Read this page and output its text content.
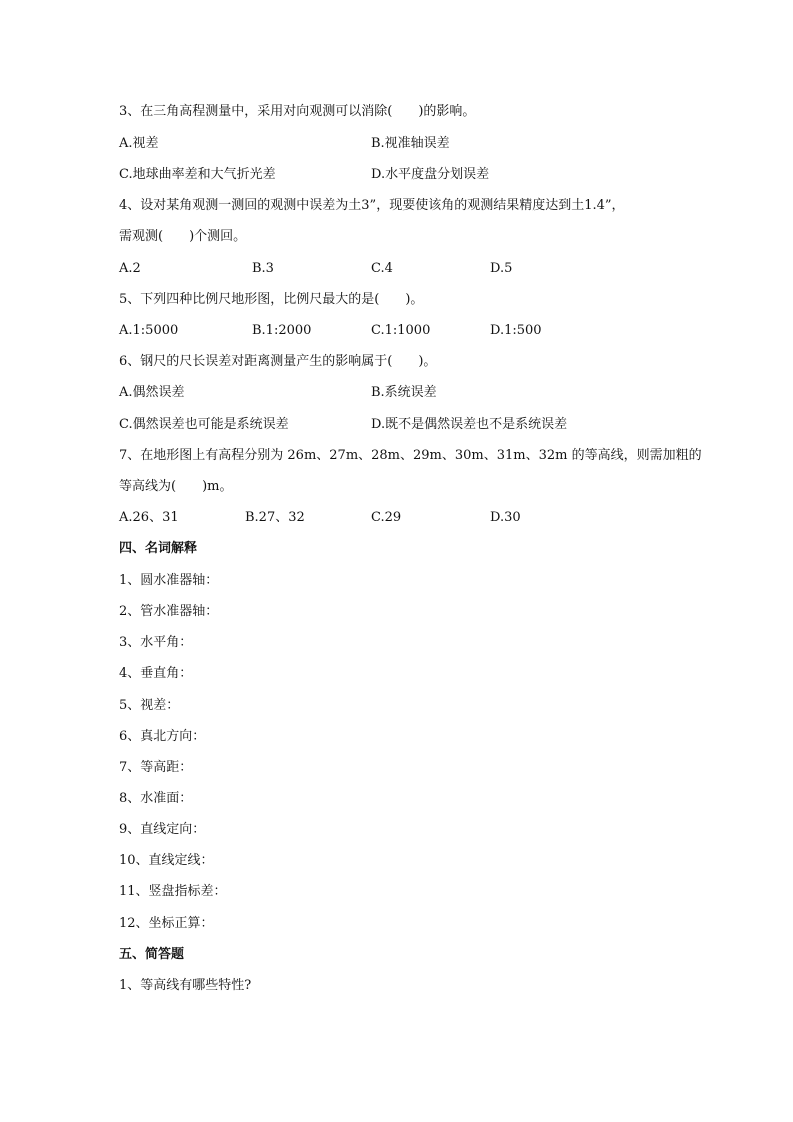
3、在三角高程测量中，采用对向观测可以消除(　　)的影响。
A.视差	B.视准轴误差
C.地球曲率差和大气折光差	D.水平度盘分划误差
4、设对某角观测一测回的观测中误差为土3”，现要使该角的观测结果精度达到土1.4”，
需观测(　　)个测回。
A.2	B.3	C.4	D.5
5、下列四种比例尺地形图，比例尺最大的是(　　)。
A.1:5000	B.1:2000	C.1:1000	D.1:500
6、钢尺的尺长误差对距离测量产生的影响属于(　　)。
A.偶然误差	B.系统误差
C.偶然误差也可能是系统误差	D.既不是偶然误差也不是系统误差
7、在地形图上有高程分别为 26m、27m、28m、29m、30m、31m、32m 的等高线，则需加粗的
等高线为(　　)m。
A.26、31	B.27、32	C.29	D.30
四、名词解释
1、圆水准器轴：
2、管水准器轴：
3、水平角：
4、垂直角：
5、视差：
6、真北方向：
7、等高距：
8、水准面：
9、直线定向：
10、直线定线：
11、竖盘指标差：
12、坐标正算：
五、简答题
1、等高线有哪些特性?
